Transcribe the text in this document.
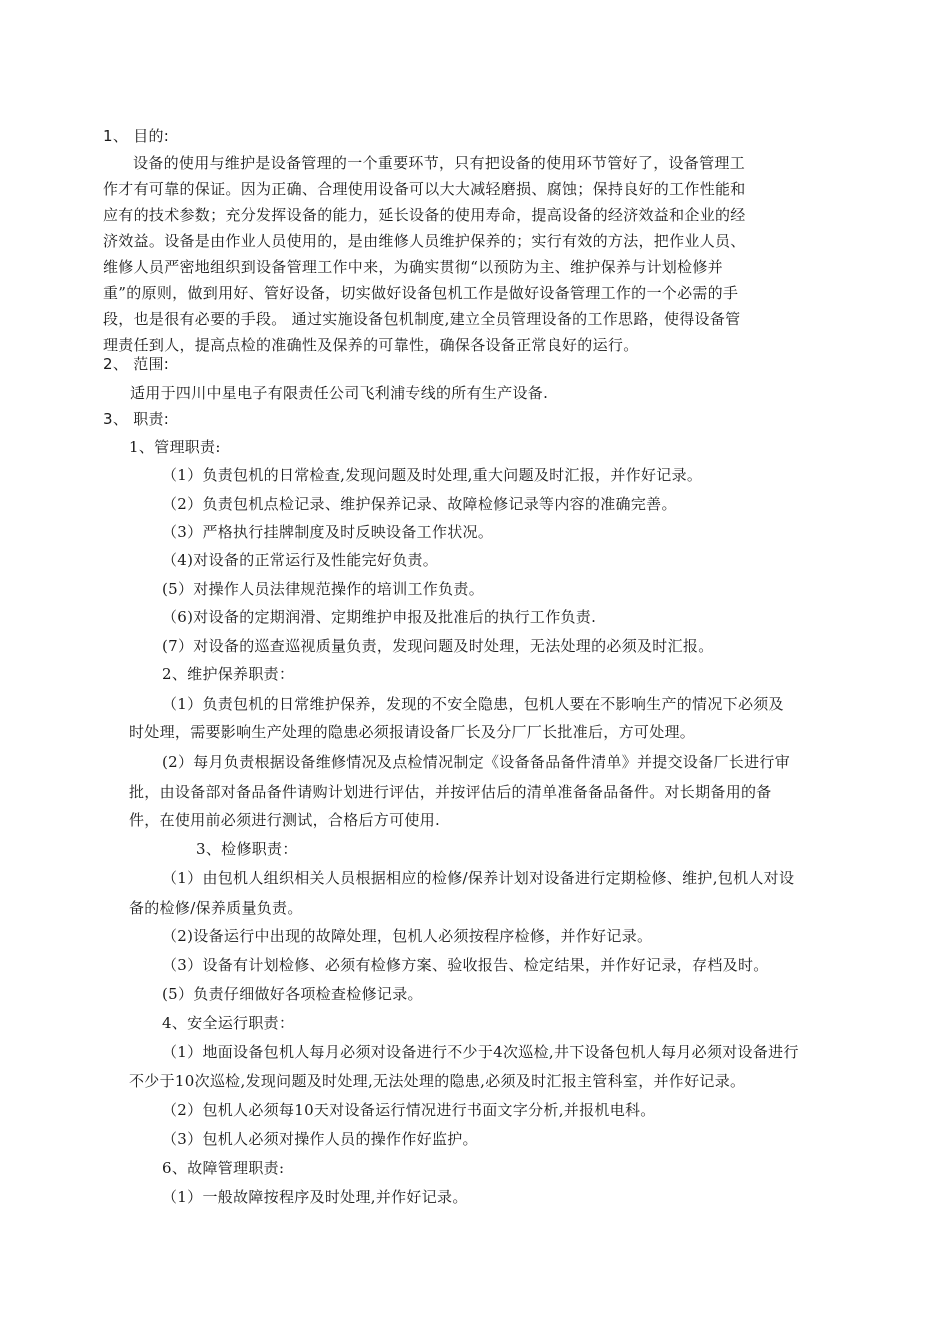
1、 目的:
设备的使用与维护是设备管理的一个重要环节，只有把设备的使用环节管好了，设备管理工
作才有可靠的保证。因为正确、合理使用设备可以大大减轻磨损、腐蚀；保持良好的工作性能和
应有的技术参数；充分发挥设备的能力，延长设备的使用寿命，提高设备的经济效益和企业的经
济效益。设备是由作业人员使用的，是由维修人员维护保养的；实行有效的方法，把作业人员、
维修人员严密地组织到设备管理工作中来，为确实贯彻“以预防为主、维护保养与计划检修并
重”的原则，做到用好、管好设备，切实做好设备包机工作是做好设备管理工作的一个必需的手
段，也是很有必要的手段。 通过实施设备包机制度,建立全员管理设备的工作思路，使得设备管
理责任到人，提高点检的准确性及保养的可靠性，确保各设备正常良好的运行。
2、 范围:
适用于四川中星电子有限责任公司飞利浦专线的所有生产设备.
3、 职责:
1、管理职责:
（1）负责包机的日常检查,发现问题及时处理,重大问题及时汇报，并作好记录。
（2）负责包机点检记录、维护保养记录、故障检修记录等内容的准确完善。
（3）严格执行挂牌制度及时反映设备工作状况。
（4)对设备的正常运行及性能完好负责。
(5）对操作人员法律规范操作的培训工作负责。
（6)对设备的定期润滑、定期维护申报及批准后的执行工作负责.
(7）对设备的巡查巡视质量负责，发现问题及时处理，无法处理的必须及时汇报。
2、维护保养职责：
（1）负责包机的日常维护保养，发现的不安全隐患，包机人要在不影响生产的情况下必须及
时处理，需要影响生产处理的隐患必须报请设备厂长及分厂厂长批准后，方可处理。
(2）每月负责根据设备维修情况及点检情况制定《设备备品备件清单》并提交设备厂长进行审
批，由设备部对备品备件请购计划进行评估，并按评估后的清单准备备品备件。对长期备用的备
件，在使用前必须进行测试，合格后方可使用.
3、检修职责：
（1）由包机人组织相关人员根据相应的检修/保养计划对设备进行定期检修、维护,包机人对设
备的检修/保养质量负责。
（2)设备运行中出现的故障处理，包机人必须按程序检修，并作好记录。
（3）设备有计划检修、必须有检修方案、验收报告、检定结果，并作好记录，存档及时。
(5）负责仔细做好各项检查检修记录。
4、安全运行职责：
（1）地面设备包机人每月必须对设备进行不少于4次巡检,井下设备包机人每月必须对设备进行
不少于10次巡检,发现问题及时处理,无法处理的隐患,必须及时汇报主管科室，并作好记录。
（2）包机人必须每10天对设备运行情况进行书面文字分析,并报机电科。
（3）包机人必须对操作人员的操作作好监护。
6、故障管理职责:
（1）一般故障按程序及时处理,并作好记录。
